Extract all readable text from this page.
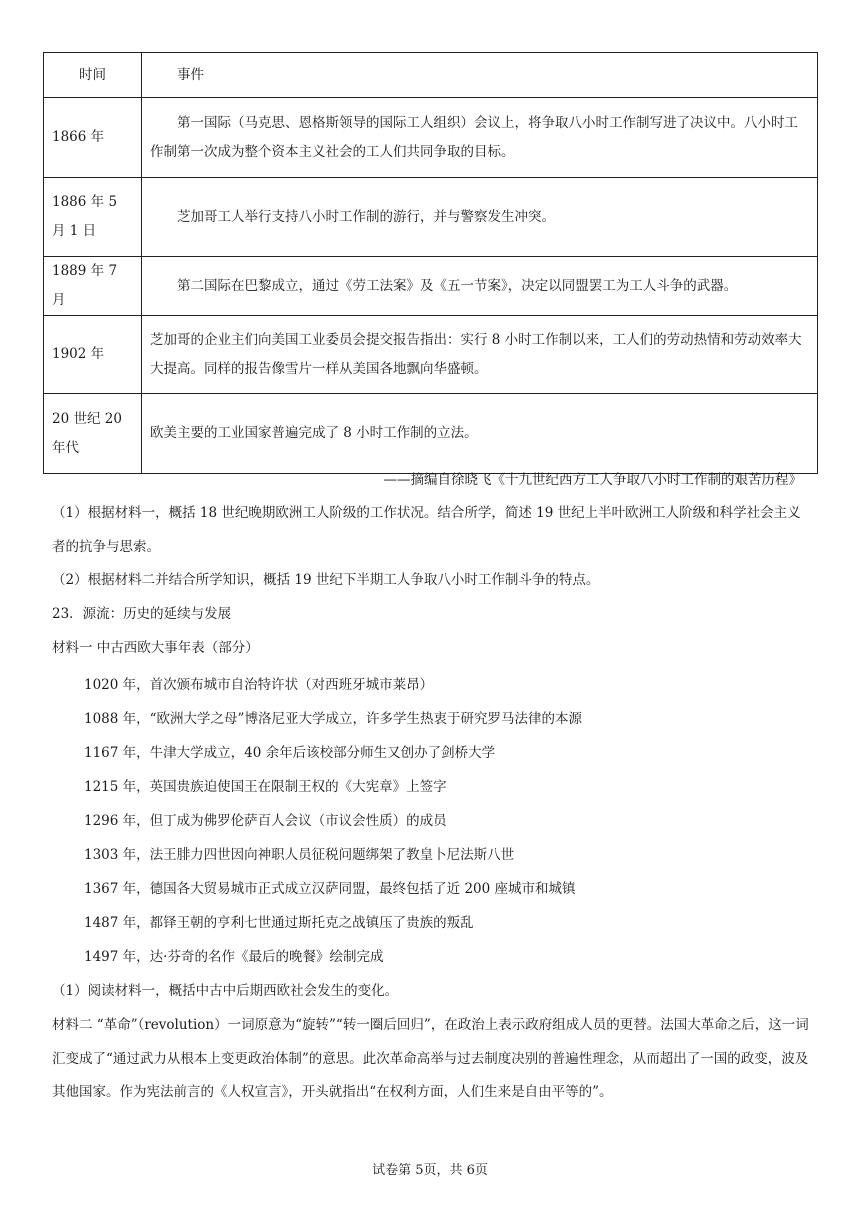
时间	事件
1866 年	第一国际（马克思、恩格斯领导的国际工人组织）会议上，将争取八小时工作制写进了决议中。八小时工作制第一次成为整个资本主义社会的工人们共同争取的目标。
1886 年 5 月 1 日	芝加哥工人举行支持八小时工作制的游行，并与警察发生冲突。
1889 年 7 月	第二国际在巴黎成立，通过《劳工法案》及《五一节案》，决定以同盟罢工为工人斗争的武器。
1902 年	芝加哥的企业主们向美国工业委员会提交报告指出：实行 8 小时工作制以来，工人们的劳动热情和劳动效率大大提高。同样的报告像雪片一样从美国各地飘向华盛顿。
20 世纪 20 年代	欧美主要的工业国家普遍完成了 8 小时工作制的立法。
——摘编自徐晓飞《十九世纪西方工人争取八小时工作制的艰苦历程》
（1）根据材料一，概括 18 世纪晚期欧洲工人阶级的工作状况。结合所学，简述 19 世纪上半叶欧洲工人阶级和科学社会主义者的抗争与思索。
（2）根据材料二并结合所学知识，概括 19 世纪下半期工人争取八小时工作制斗争的特点。
23．源流：历史的延续与发展
材料一 中古西欧大事年表（部分）
1020 年，首次颁布城市自治特许状（对西班牙城市莱昂）
1088 年，“欧洲大学之母”博洛尼亚大学成立，许多学生热衷于研究罗马法律的本源
1167 年，牛津大学成立，40 余年后该校部分师生又创办了剑桥大学
1215 年，英国贵族迫使国王在限制王权的《大宪章》上签字
1296 年，但丁成为佛罗伦萨百人会议（市议会性质）的成员
1303 年，法王腓力四世因向神职人员征税问题绑架了教皇卜尼法斯八世
1367 年，德国各大贸易城市正式成立汉萨同盟，最终包括了近 200 座城市和城镇
1487 年，都铎王朝的亨利七世通过斯托克之战镇压了贵族的叛乱
1497 年，达·芬奇的名作《最后的晚餐》绘制完成
（1）阅读材料一，概括中古中后期西欧社会发生的变化。
材料二 “革命”（revolution）一词原意为“旋转”“转一圈后回归”，在政治上表示政府组成人员的更替。法国大革命之后，这一词汇变成了“通过武力从根本上变更政治体制”的意思。此次革命高举与过去制度决别的普遍性理念，从而超出了一国的政变，波及其他国家。作为宪法前言的《人权宣言》，开头就指出“在权利方面，人们生来是自由平等的”。
试卷第 5页，共 6页
